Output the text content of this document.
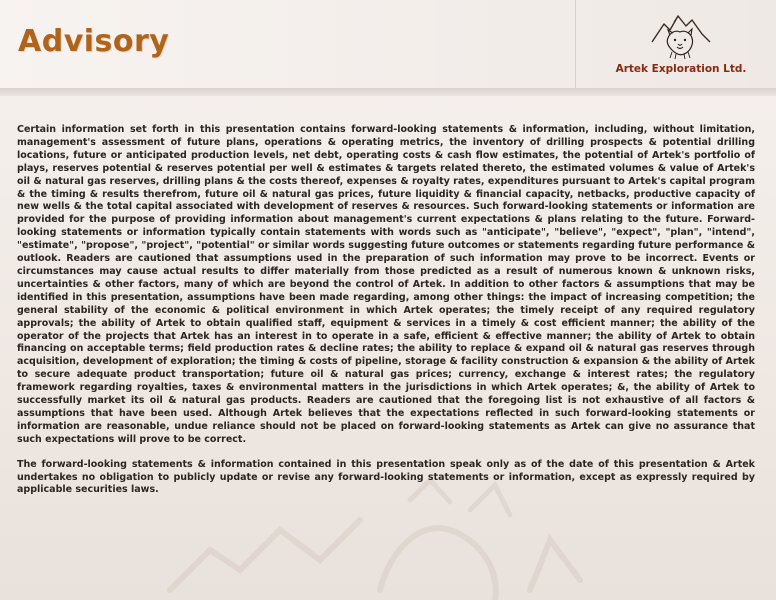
Advisory
Artek Exploration Ltd.

Certain information set forth in this presentation contains forward-looking statements & information, including, without limitation, management's assessment of future plans, operations & operating metrics, the inventory of drilling prospects & potential drilling locations, future or anticipated production levels, net debt, operating costs & cash flow estimates, the potential of Artek's portfolio of plays, reserves potential & reserves potential per well & estimates & targets related thereto, the estimated volumes & value of Artek's oil & natural gas reserves, drilling plans & the costs thereof, expenses & royalty rates, expenditures pursuant to Artek's capital program & the timing & results therefrom, future oil & natural gas prices, future liquidity & financial capacity, netbacks, productive capacity of new wells & the total capital associated with development of reserves & resources. Such forward-looking statements or information are provided for the purpose of providing information about management's current expectations & plans relating to the future. Forward-looking statements or information typically contain statements with words such as "anticipate", "believe", "expect", "plan", "intend", "estimate", "propose", "project", "potential" or similar words suggesting future outcomes or statements regarding future performance & outlook. Readers are cautioned that assumptions used in the preparation of such information may prove to be incorrect. Events or circumstances may cause actual results to differ materially from those predicted as a result of numerous known & unknown risks, uncertainties & other factors, many of which are beyond the control of Artek. In addition to other factors & assumptions that may be identified in this presentation, assumptions have been made regarding, among other things: the impact of increasing competition; the general stability of the economic & political environment in which Artek operates; the timely receipt of any required regulatory approvals; the ability of Artek to obtain qualified staff, equipment & services in a timely & cost efficient manner; the ability of the operator of the projects that Artek has an interest in to operate in a safe, efficient & effective manner; the ability of Artek to obtain financing on acceptable terms; field production rates & decline rates; the ability to replace & expand oil & natural gas reserves through acquisition, development of exploration; the timing & costs of pipeline, storage & facility construction & expansion & the ability of Artek to secure adequate product transportation; future oil & natural gas prices; currency, exchange & interest rates; the regulatory framework regarding royalties, taxes & environmental matters in the jurisdictions in which Artek operates; &, the ability of Artek to successfully market its oil & natural gas products. Readers are cautioned that the foregoing list is not exhaustive of all factors & assumptions that have been used. Although Artek believes that the expectations reflected in such forward-looking statements or information are reasonable, undue reliance should not be placed on forward-looking statements as Artek can give no assurance that such expectations will prove to be correct.

The forward-looking statements & information contained in this presentation speak only as of the date of this presentation & Artek undertakes no obligation to publicly update or revise any forward-looking statements or information, except as expressly required by applicable securities laws.
